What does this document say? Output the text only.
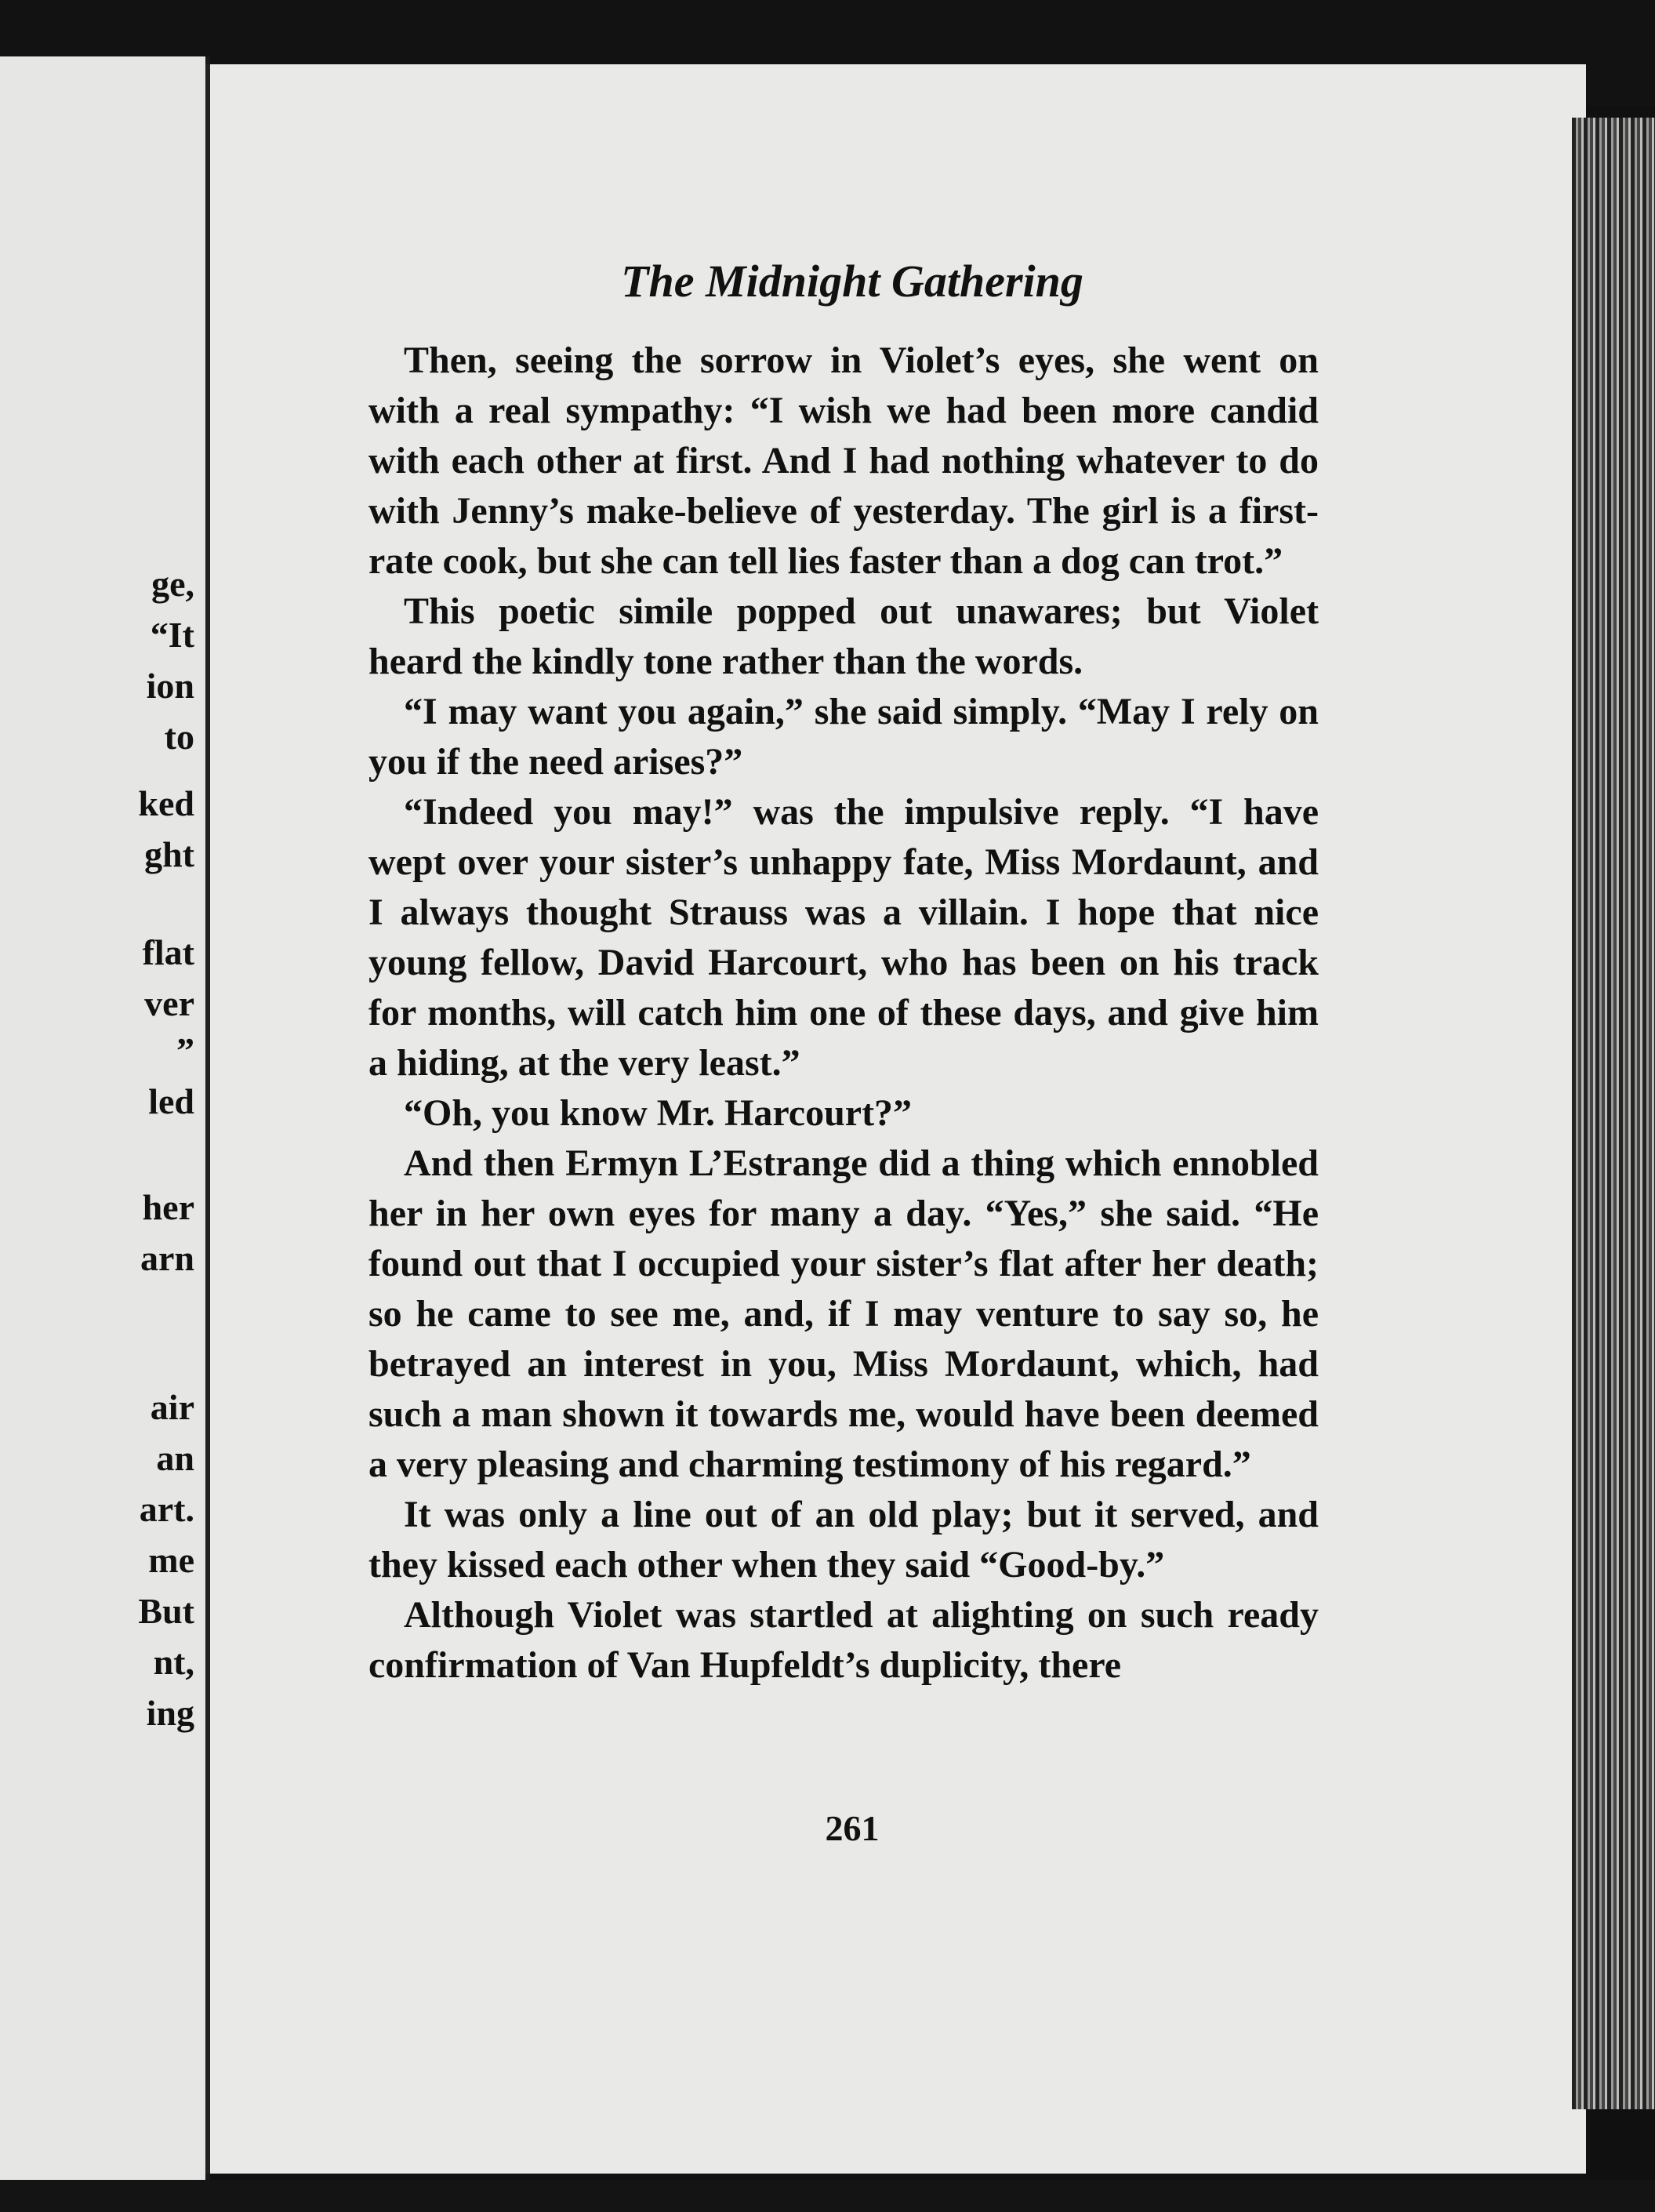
ge,
“It
ion
to
ked
ght
flat
ver
”
led
her
arn
air
an
art.
me
But
nt,
ing
The Midnight Gathering

Then, seeing the sorrow in Violet’s eyes, she went on with a real sympathy: “I wish we had been more candid with each other at first. And I had nothing whatever to do with Jenny’s make-believe of yesterday. The girl is a first-rate cook, but she can tell lies faster than a dog can trot.”

This poetic simile popped out unawares; but Violet heard the kindly tone rather than the words.

“I may want you again,” she said simply. “May I rely on you if the need arises?”

“Indeed you may!” was the impulsive reply. “I have wept over your sister’s unhappy fate, Miss Mordaunt, and I always thought Strauss was a villain. I hope that nice young fellow, David Harcourt, who has been on his track for months, will catch him one of these days, and give him a hiding, at the very least.”

“Oh, you know Mr. Harcourt?”

And then Ermyn L’Estrange did a thing which ennobled her in her own eyes for many a day. “Yes,” she said. “He found out that I occupied your sister’s flat after her death; so he came to see me, and, if I may venture to say so, he betrayed an interest in you, Miss Mordaunt, which, had such a man shown it towards me, would have been deemed a very pleasing and charming testimony of his regard.”

It was only a line out of an old play; but it served, and they kissed each other when they said “Good-by.”

Although Violet was startled at alighting on such ready confirmation of Van Hupfeldt’s duplicity, there

261
